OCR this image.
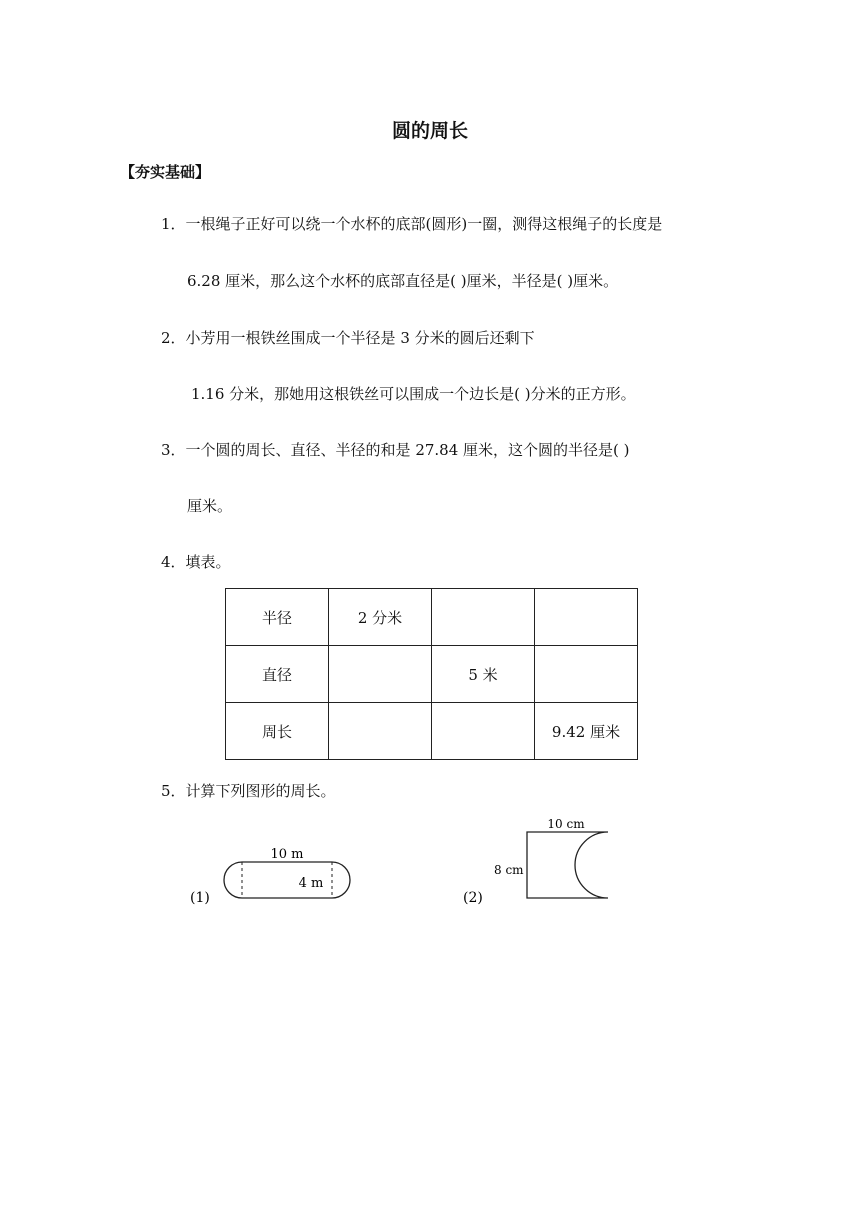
圆的周长
【夯实基础】
1．一根绳子正好可以绕一个水杯的底部(圆形)一圈，测得这根绳子的长度是
6.28 厘米，那么这个水杯的底部直径是( )厘米，半径是( )厘米。
2．小芳用一根铁丝围成一个半径是 3 分米的圆后还剩下
1.16 分米，那她用这根铁丝可以围成一个边长是( )分米的正方形。
3．一个圆的周长、直径、半径的和是 27.84 厘米，这个圆的半径是( )
厘米。
4．填表。
半径	2 分米		
直径		5 米	
周长			9.42 厘米
5．计算下列图形的周长。
(1)
10 m
4 m
(2)
10 cm
8 cm
